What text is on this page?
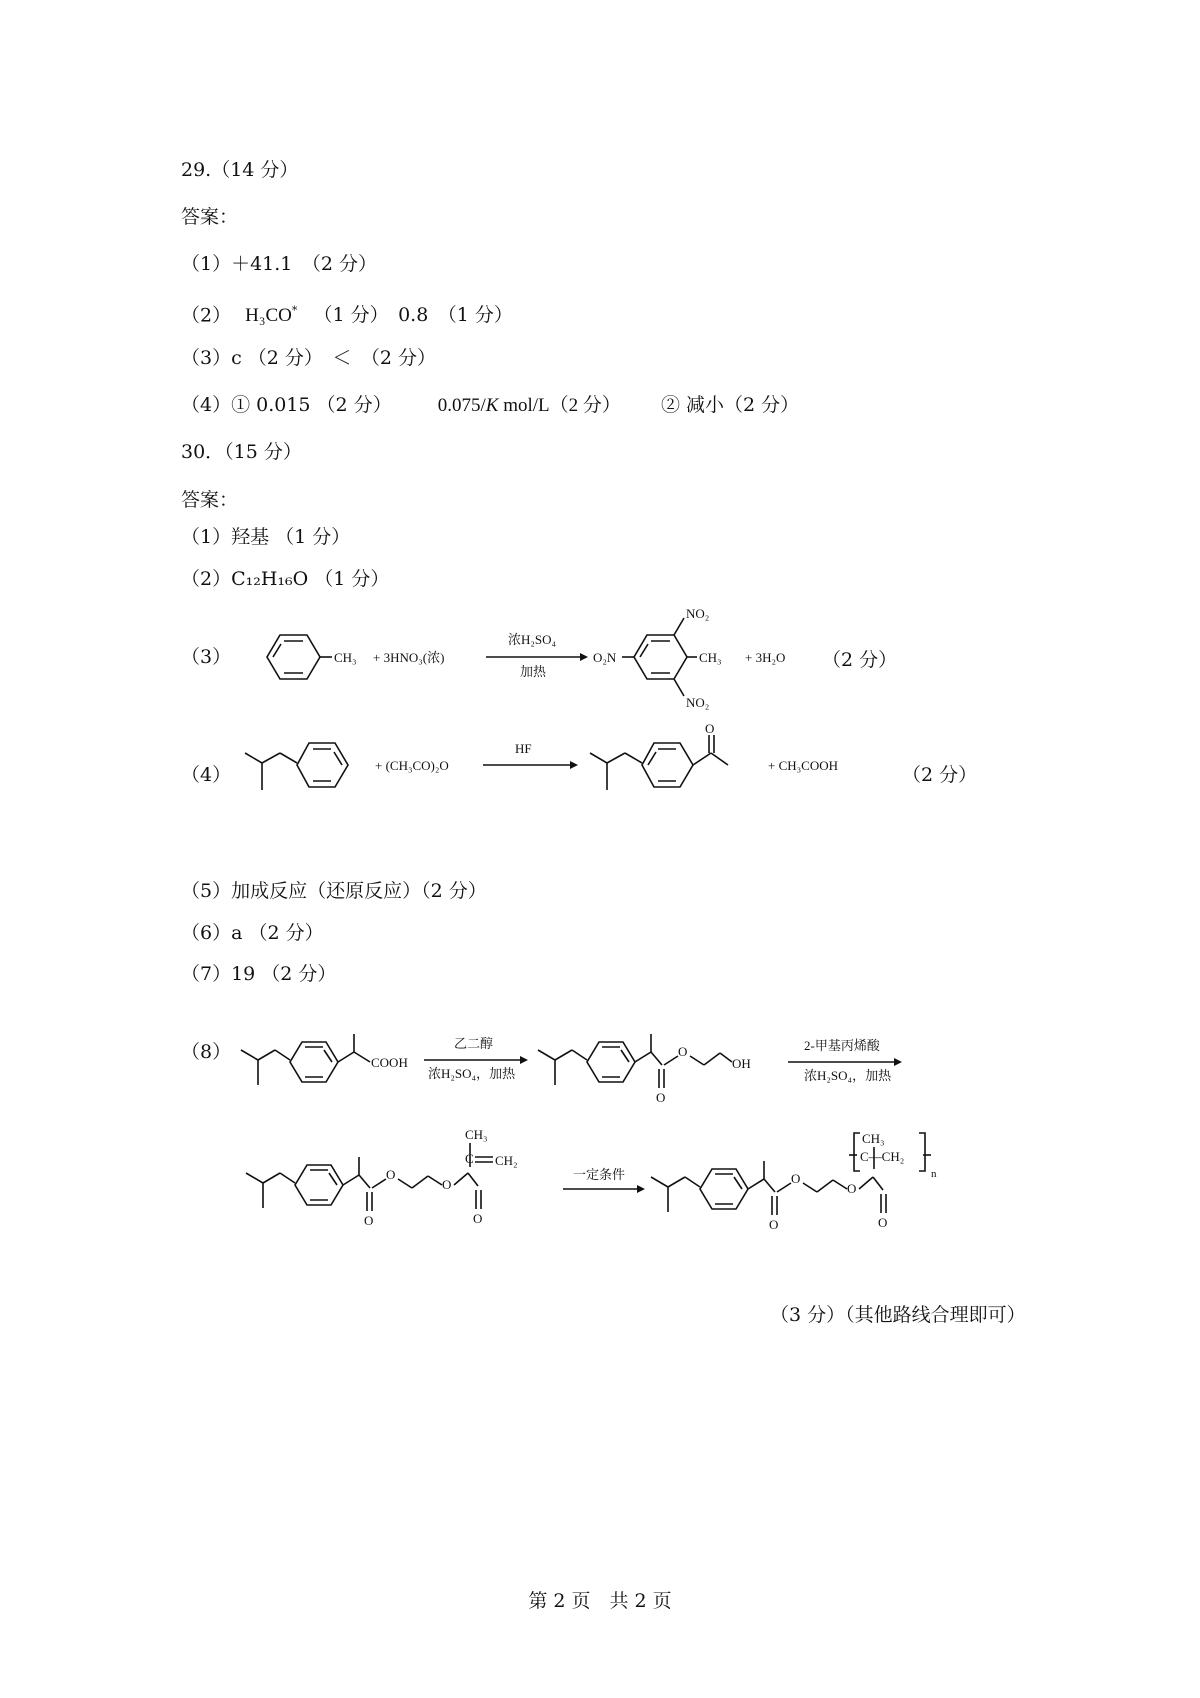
29.（14 分）
答案：
（1）＋41.1　（2 分）
（2） H₃CO* （1 分）　0.8　（1 分）
（3）c （2 分）　＜　（2 分）
（4）① 0.015 （2 分） 0.075/K mol/L（2 分） ② 减小（2 分）
30．（15 分）
答案：
（1）羟基 （1 分）
（2）C₁₂H₁₆O （1 分）
（3）	CH₃ + 3HNO₃(浓)
浓H₂SO₄
加热
NO₂
O₂N	CH₃
NO₂
+ 3H₂O （2 分）
（4）	+ (CH₃CO)₂O
HF
O
+ CH₃COOH	（2 分）
（5）加成反应（还原反应）（2 分）
（6）a （2 分）
（7）19 （2 分）
（8）	COOH
乙二醇
浓H₂SO₄，加热
O
O
OH
2-甲基丙烯酸
浓H₂SO₄，加热
O
O
O
O
CH₃
C CH₂
一定条件	O
O
O
O
CH₃
C—CH₂
n
（3 分）（其他路线合理即可）
第 2 页　共 2 页
